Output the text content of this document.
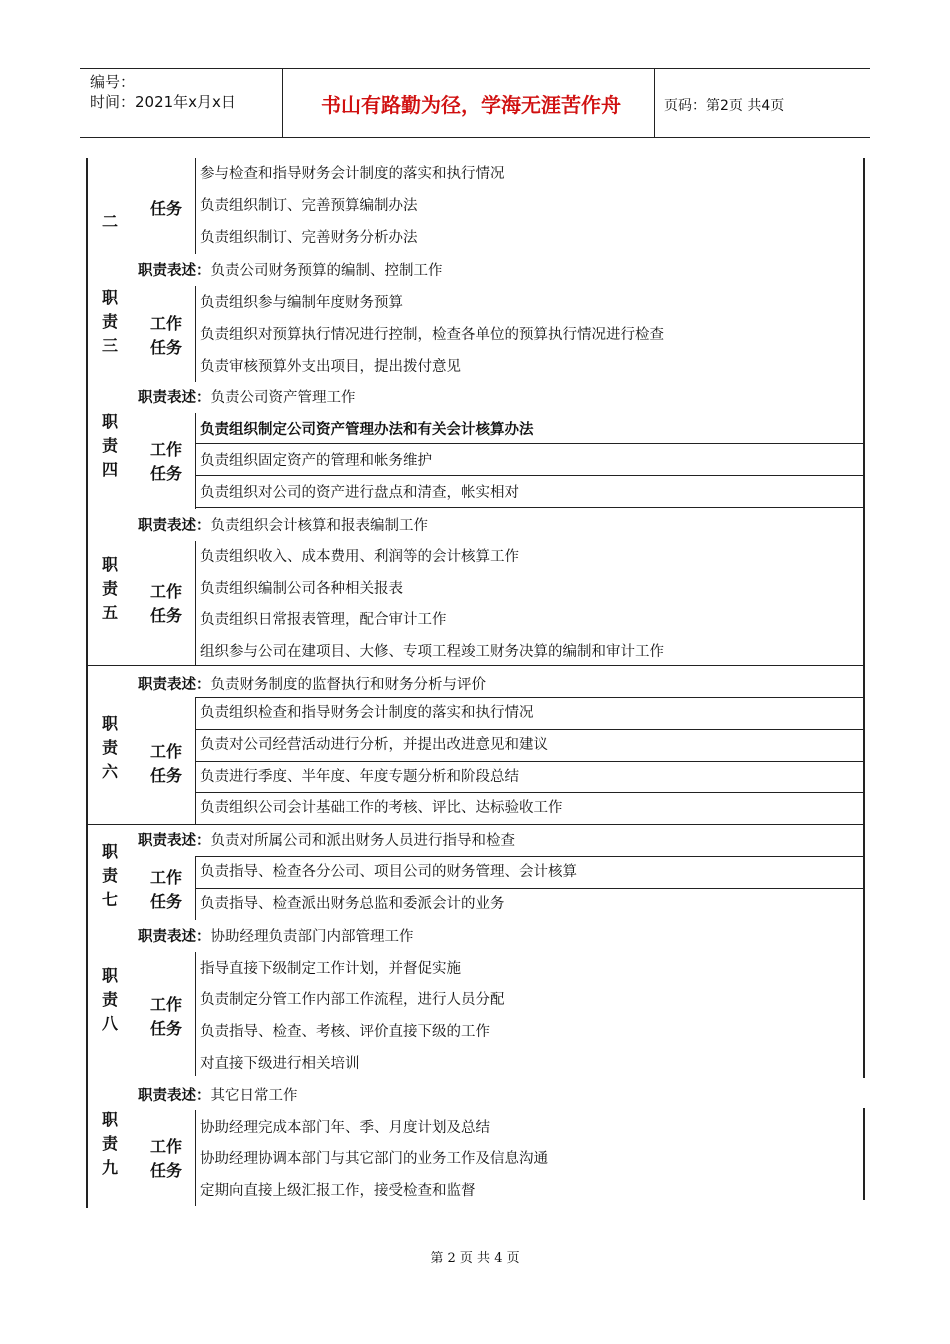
编号：
时间：2021年x月x日	书山有路勤为径，学海无涯苦作舟	页码：第2页 共4页
二
任务
参与检查和指导财务会计制度的落实和执行情况
负责组织制订、完善预算编制办法
负责组织制订、完善财务分析办法
职责表述：负责公司财务预算的编制、控制工作
职
责
三
工作
任务
负责组织参与编制年度财务预算
负责组织对预算执行情况进行控制，检查各单位的预算执行情况进行检查
负责审核预算外支出项目，提出拨付意见
职责表述：负责公司资产管理工作
职
责
四
工作
任务
负责组织制定公司资产管理办法和有关会计核算办法
负责组织固定资产的管理和帐务维护
负责组织对公司的资产进行盘点和清查，帐实相对
职责表述：负责组织会计核算和报表编制工作
职
责
五
工作
任务
负责组织收入、成本费用、利润等的会计核算工作
负责组织编制公司各种相关报表
负责组织日常报表管理，配合审计工作
组织参与公司在建项目、大修、专项工程竣工财务决算的编制和审计工作
职责表述：负责财务制度的监督执行和财务分析与评价
职
责
六
工作
任务
负责组织检查和指导财务会计制度的落实和执行情况
负责对公司经营活动进行分析，并提出改进意见和建议
负责进行季度、半年度、年度专题分析和阶段总结
负责组织公司会计基础工作的考核、评比、达标验收工作
职责表述：负责对所属公司和派出财务人员进行指导和检查
职
责
七
工作
任务
负责指导、检查各分公司、项目公司的财务管理、会计核算
负责指导、检查派出财务总监和委派会计的业务
职责表述：协助经理负责部门内部管理工作
职
责
八
工作
任务
指导直接下级制定工作计划，并督促实施
负责制定分管工作内部工作流程，进行人员分配
负责指导、检查、考核、评价直接下级的工作
对直接下级进行相关培训
职责表述：其它日常工作
职
责
九
工作
任务
协助经理完成本部门年、季、月度计划及总结
协助经理协调本部门与其它部门的业务工作及信息沟通
定期向直接上级汇报工作，接受检查和监督
第 2 页 共 4 页
